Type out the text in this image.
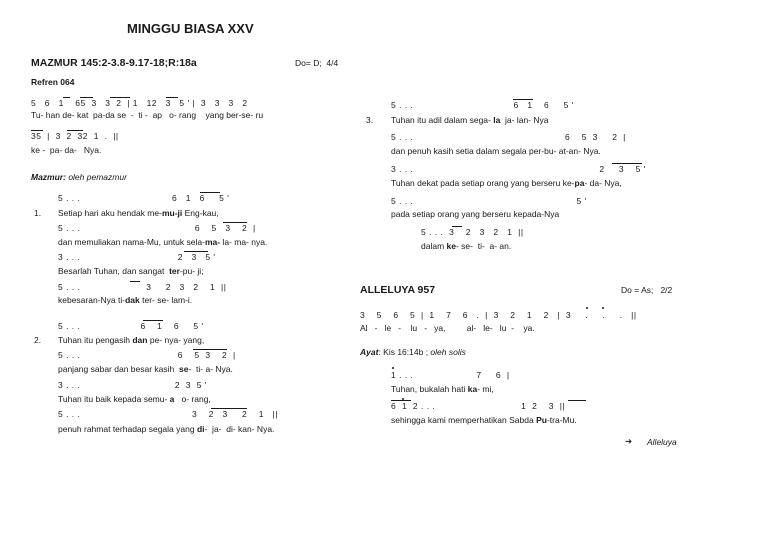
MINGGU BIASA XXV
MAZMUR 145:2-3.8-9.17-18;R:18a	Do= D;  4/4
Refren 064
5   6   1    65  3   3  2  | 1   12   3   5 ' |  3   3   3   2
Tu- han de- kat  pa-da se  -  ti -  ap   o- rang    yang ber-se- ru
35  |  3  2  32  1  .  ||
ke -  pa- da-   Nya.
Mazmur: oleh pemazmur
1.
5 . . .                                6   1   6     5 '
Setiap hari aku hendak me-mu-ji Eng-kau,
5 . . .                                        6    5   3    2  |
dan memuliakan nama-Mu, untuk sela-ma- la- ma- nya.
3 . . .                                  2   3   5 '
Besarlah Tuhan, dan sangat  ter-pu- ji;
5 . . .                       3     2   3   2    1  ||
kebesaran-Nya ti-dak ter- se- lam-i.
2.
5 . . .                     6    1    6     5 '
Tuhan itu pengasih dan pe- nya- yang,
5 . . .                                  6    5  3    2  |
panjang sabar dan besar kasih  se-  ti- a- Nya.
3 . . .                                 2  3  5 '
Tuhan itu baik kepada semu- a   o- rang,
5 . . .                                       3    2   3     2    1   ||
penuh rahmat terhadap segala yang di-  ja-  di- kan- Nya.
3.
5 . . .                                   6   1    6     5 '
Tuhan itu adil dalam sega- la  ja- lan- Nya
5 . . .                                                     6    5  3     2  |
dan penuh kasih setia dalam segala per-bu- at-an- Nya.
3 . . .                                                                 2     3    5 '
Tuhan dekat pada setiap orang yang berseru ke-pa- da- Nya,
5 . . .                                                         5 '
pada setiap orang yang berseru kepada-Nya
5 . . .  3    2   3   2   1  ||
dalam ke- se-  ti-  a- an.
ALLELUYA 957	Do = As;   2/2
3    5    6    5  |  1    7    6   .  |  3    2    1    2   |  3     .     .     .   ||
Al   -   le   -    lu   -   ya,         al-   le-   lu  -    ya.
Ayat: Kis 16:14b ; oleh solis
1 . . .                      7     6  |
Tuhan, bukalah hati ka- mi,
6  1  2 . . .                              1  2    3  ||
sehingga kami memperhatikan Sabda Pu-tra-Mu.
➔ Alleluya
